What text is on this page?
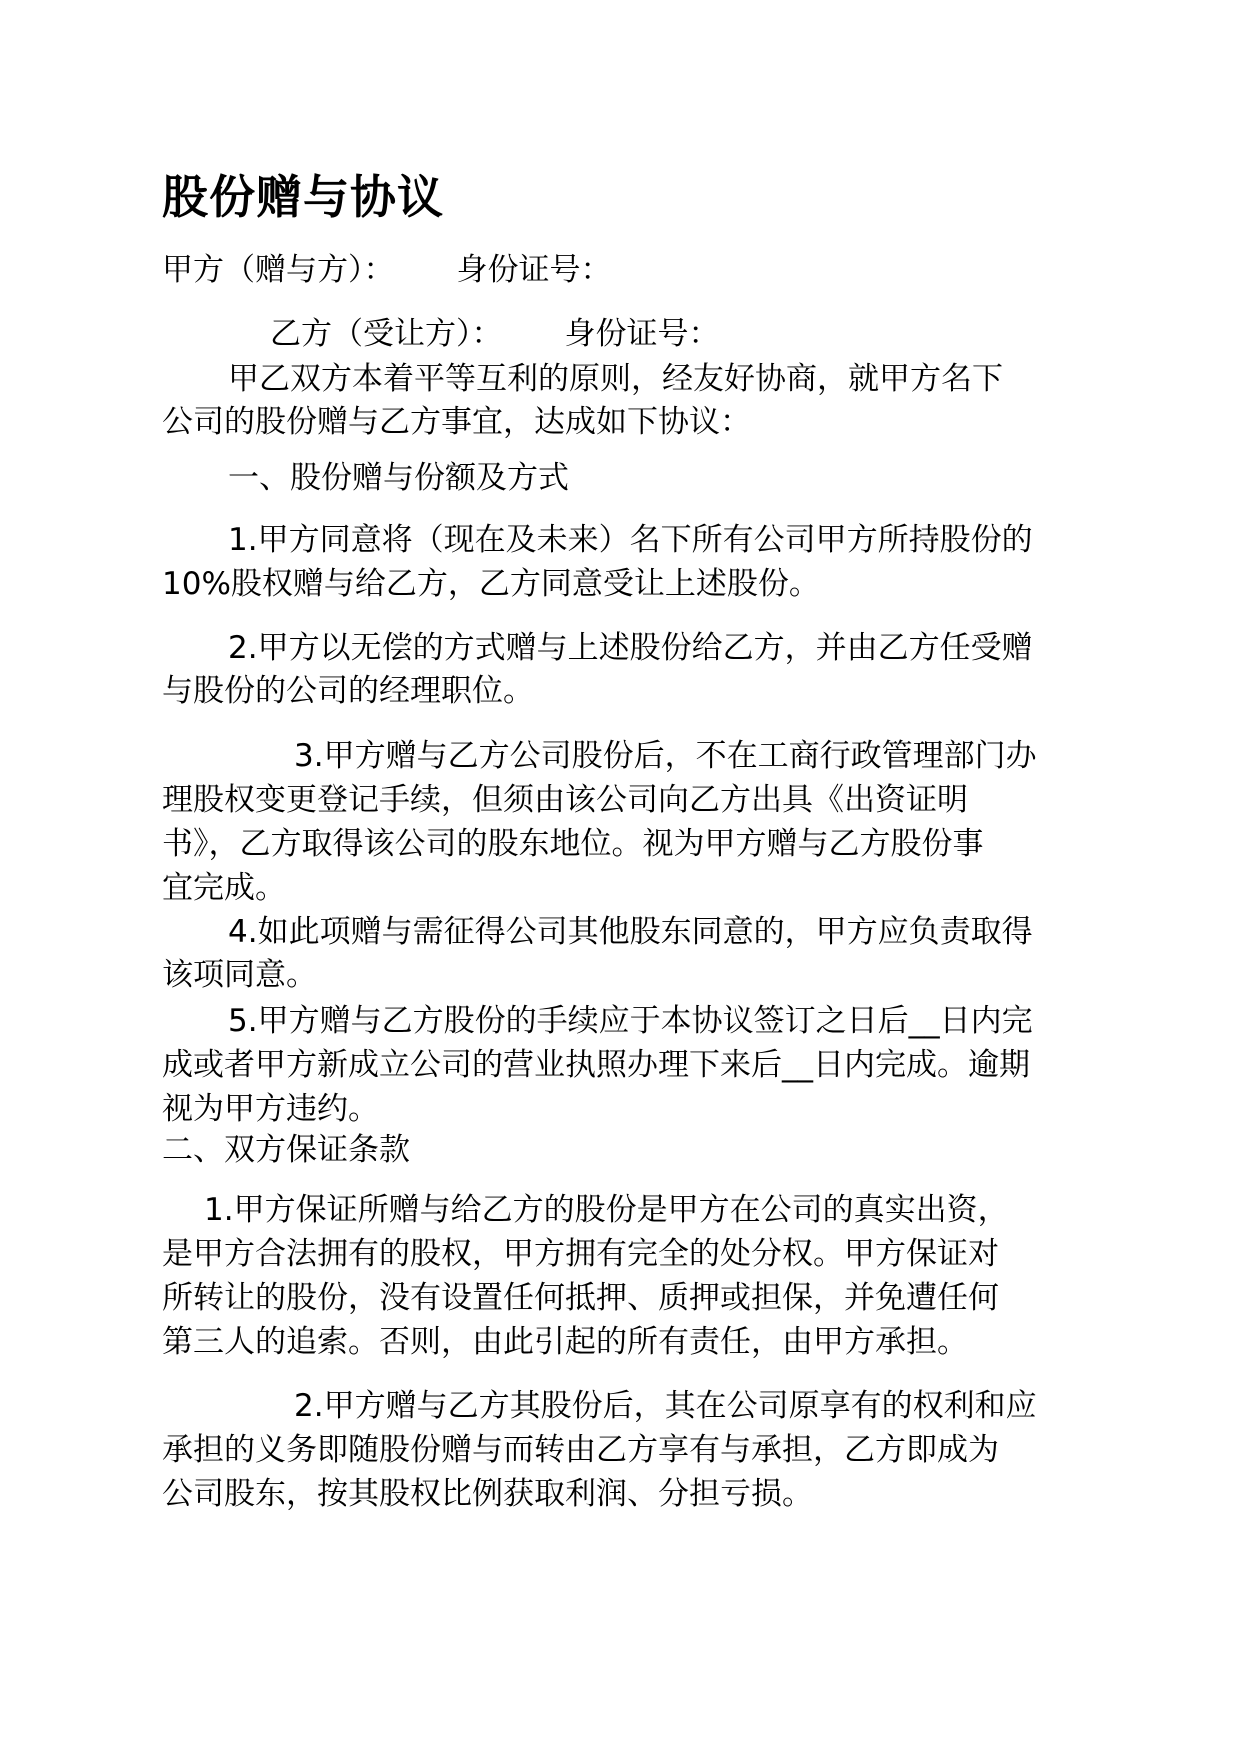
股份赠与协议
甲方（赠与方）： 身份证号：
乙方（受让方）： 身份证号：
甲乙双方本着平等互利的原则，经友好协商，就甲方名下
公司的股份赠与乙方事宜，达成如下协议：
一、股份赠与份额及方式
1.甲方同意将（现在及未来）名下所有公司甲方所持股份的
10%股权赠与给乙方，乙方同意受让上述股份。
2.甲方以无偿的方式赠与上述股份给乙方，并由乙方任受赠
与股份的公司的经理职位。
3.甲方赠与乙方公司股份后，不在工商行政管理部门办
理股权变更登记手续，但须由该公司向乙方出具《出资证明
书》，乙方取得该公司的股东地位。视为甲方赠与乙方股份事
宜完成。
4.如此项赠与需征得公司其他股东同意的，甲方应负责取得
该项同意。
5.甲方赠与乙方股份的手续应于本协议签订之日后__日内完
成或者甲方新成立公司的营业执照办理下来后__日内完成。逾期
视为甲方违约。
二、双方保证条款
1.甲方保证所赠与给乙方的股份是甲方在公司的真实出资，
是甲方合法拥有的股权，甲方拥有完全的处分权。甲方保证对
所转让的股份，没有设置任何抵押、质押或担保，并免遭任何
第三人的追索。否则，由此引起的所有责任，由甲方承担。
2.甲方赠与乙方其股份后，其在公司原享有的权利和应
承担的义务即随股份赠与而转由乙方享有与承担，乙方即成为
公司股东，按其股权比例获取利润、分担亏损。
